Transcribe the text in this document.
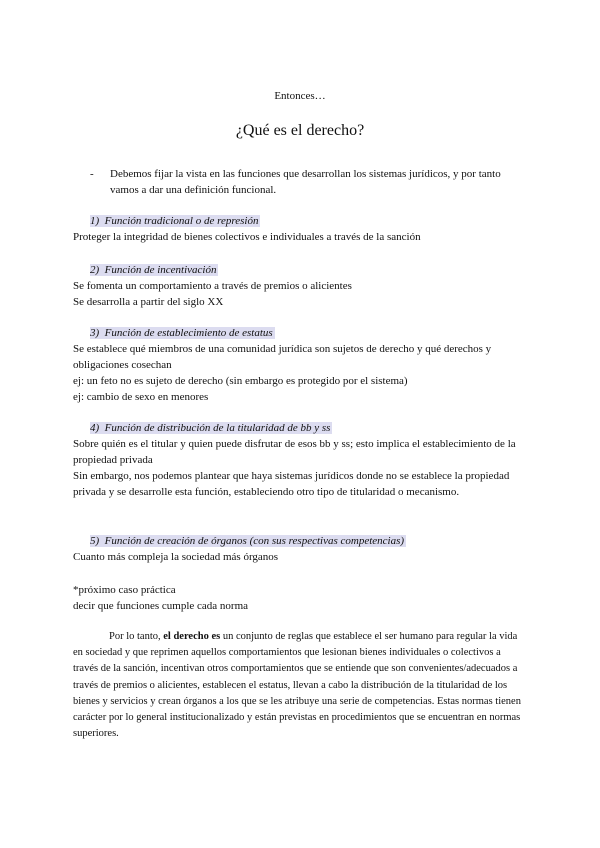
Entonces…
¿Qué es el derecho?
-	Debemos fijar la vista en las funciones que desarrollan los sistemas jurídicos, y por tanto vamos a dar una definición funcional.
1) Función tradicional o de represión

Proteger la integridad de bienes colectivos e individuales a través de la sanción

2) Función de incentivación

Se fomenta un comportamiento a través de premios o alicientes

Se desarrolla a partir del siglo XX

3) Función de establecimiento de estatus

Se establece qué miembros de una comunidad jurídica son sujetos de derecho y qué derechos y obligaciones cosechan

ej: un feto no es sujeto de derecho (sin embargo es protegido por el sistema)

ej: cambio de sexo en menores

4) Función de distribución de la titularidad de bb y ss

Sobre quién es el titular y quien puede disfrutar de esos bb y ss; esto implica el establecimiento de la propiedad privada

Sin embargo, nos podemos plantear que haya sistemas jurídicos donde no se establece la propiedad privada y se desarrolle esta función, estableciendo otro tipo de titularidad o mecanismo.

5) Función de creación de órganos (con sus respectivas competencias)

Cuanto más compleja la sociedad más órganos

*próximo caso práctica

decir que funciones cumple cada norma

Por lo tanto, el derecho es un conjunto de reglas que establece el ser humano para regular la vida en sociedad y que reprimen aquellos comportamientos que lesionan bienes individuales o colectivos a través de la sanción, incentivan otros comportamientos que se entiende que son convenientes/adecuados a través de premios o alicientes, establecen el estatus, llevan a cabo la distribución de la titularidad de los bienes y servicios y crean órganos a los que se les atribuye una serie de competencias. Estas normas tienen carácter por lo general institucionalizado y están previstas en procedimientos que se encuentran en normas superiores.
